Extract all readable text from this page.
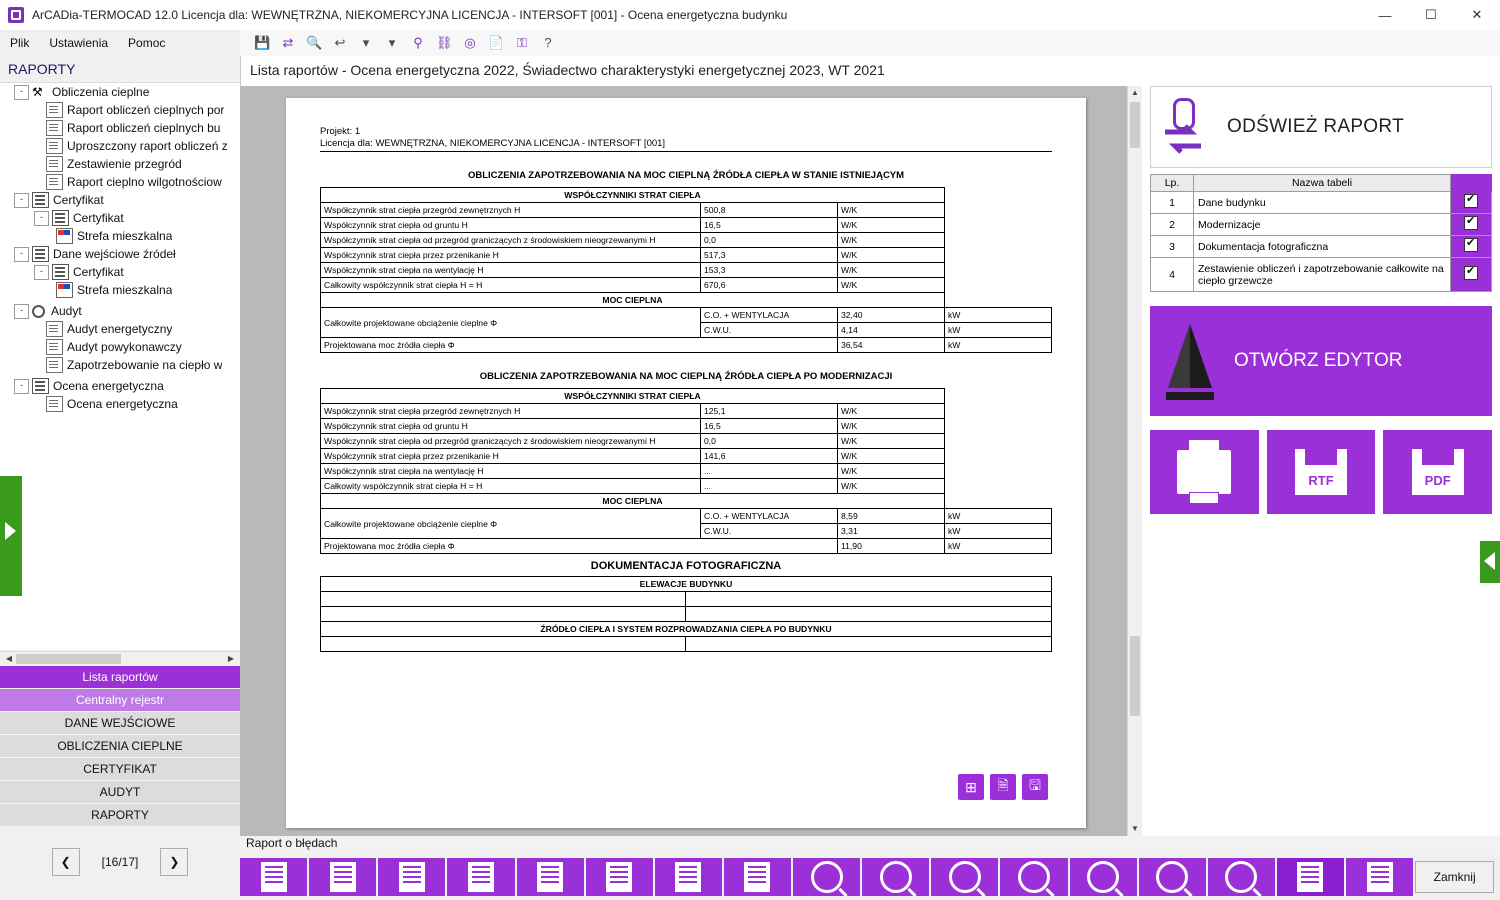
ArCADia-TERMOCAD 12.0 Licencja dla: WEWNĘTRZNA, NIEKOMERCYJNA LICENCJA - INTERSOFT [001] - Ocena energetyczna budynku	—	☐	✕
Plik	Ustawienia	Pomoc	💾 ⇄ 🔍 ↩	▾	▾	⚲ ⛓ ◎ 📄 ⚿	?
Lista raportów - Ocena energetyczna 2022, Świadectwo charakterystyki energetycznej 2023, WT 2021
RAPORTY
- ⚒ Obliczenia cieplne
Raport obliczeń cieplnych por
Raport obliczeń cieplnych bu
Uproszczony raport obliczeń z
Zestawienie przegród
Raport cieplno wilgotnościow
-	Certyfikat
-	Certyfikat
Strefa mieszkalna
-	Dane wejściowe źródeł
-	Certyfikat
Strefa mieszkalna
-	Audyt
Audyt energetyczny
Audyt powykonawczy
Zapotrzebowanie na ciepło w
-	Ocena energetyczna
Ocena energetyczna
◀	▶
Lista raportów
Centralny rejestr
DANE WEJŚCIOWE
OBLICZENIA CIEPLNE
CERTYFIKAT
AUDYT
RAPORTY
❮	[16/17]	❯
Projekt: 1
Licencja dla: WEWNĘTRZNA, NIEKOMERCYJNA LICENCJA - INTERSOFT [001]
OBLICZENIA ZAPOTRZEBOWANIA NA MOC CIEPLNĄ ŹRÓDŁA CIEPŁA W STANIE ISTNIEJĄCYM
WSPÓŁCZYNNIKI STRAT CIEPŁA			
Współczynnik strat ciepła przegród zewnętrznych H	500,8	W/K	
Współczynnik strat ciepła od gruntu H	16,5	W/K	
Współczynnik strat ciepła od przegród graniczących z środowiskiem nieogrzewanymi H	0,0	W/K	
Współczynnik strat ciepła przez przenikanie H	517,3	W/K	
Współczynnik strat ciepła na wentylację H	153,3	W/K	
Całkowity współczynnik strat ciepła H = H	670,6	W/K	
MOC CIEPLNA			
Całkowite projektowane obciążenie cieplne Φ	C.O. + WENTYLACJA	32,40	kW
	C.W.U.	4,14	kW
Projektowana moc źródła ciepła Φ		36,54	kW
OBLICZENIA ZAPOTRZEBOWANIA NA MOC CIEPLNĄ ŹRÓDŁA CIEPŁA PO MODERNIZACJI
WSPÓŁCZYNNIKI STRAT CIEPŁA			
Współczynnik strat ciepła przegród zewnętrznych H	125,1	W/K	
Współczynnik strat ciepła od gruntu H	16,5	W/K	
Współczynnik strat ciepła od przegród graniczących z środowiskiem nieogrzewanymi H	0,0	W/K	
Współczynnik strat ciepła przez przenikanie H	141,6	W/K	
Współczynnik strat ciepła na wentylację H	...	W/K	
Całkowity współczynnik strat ciepła H = H	...	W/K	
MOC CIEPLNA			
Całkowite projektowane obciążenie cieplne Φ	C.O. + WENTYLACJA	8,59	kW
	C.W.U.	3,31	kW
Projektowana moc źródła ciepła Φ		11,90	kW
DOKUMENTACJA FOTOGRAFICZNA
ELEWACJE BUDYNKU	

ŹRÓDŁO CIEPŁA I SYSTEM ROZPROWADZANIA CIEPŁA PO BUDYNKU	

⊞	🗎	🖫
▲
▼
ODŚWIEŻ RAPORT
Lp.	Nazwa tabeli	
1	Dane budynku	✔
2	Modernizacje	✔
3	Dokumentacja fotograficzna	✔
4	Zestawienie obliczeń i zapotrzebowanie całkowite na ciepło grzewcze	✔
OTWÓRZ EDYTOR
RTF	PDF
Raport o błędach
Zamknij
